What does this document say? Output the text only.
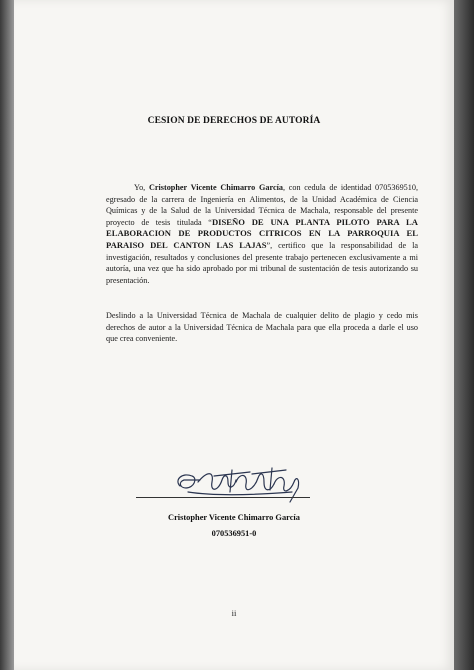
CESION DE DERECHOS DE AUTORÍA
Yo, Cristopher Vicente Chimarro García, con cedula de identidad 0705369510, egresado de la carrera de Ingeniería en Alimentos, de la Unidad Académica de Ciencia Químicas y de la Salud de la Universidad Técnica de Machala, responsable del presente proyecto de tesis titulada “DISEÑO DE UNA PLANTA PILOTO PARA LA ELABORACION DE PRODUCTOS CITRICOS EN LA PARROQUIA EL PARAISO DEL CANTON LAS LAJAS”, certifico que la responsabilidad de la investigación, resultados y conclusiones del presente trabajo pertenecen exclusivamente a mi autoría, una vez que ha sido aprobado por mi tribunal de sustentación de tesis autorizando su presentación.
Deslindo a la Universidad Técnica de Machala de cualquier delito de plagio y cedo mis derechos de autor a la Universidad Técnica de Machala para que ella proceda a darle el uso que crea conveniente.
Cristopher Vicente Chimarro García
070536951-0
ii
